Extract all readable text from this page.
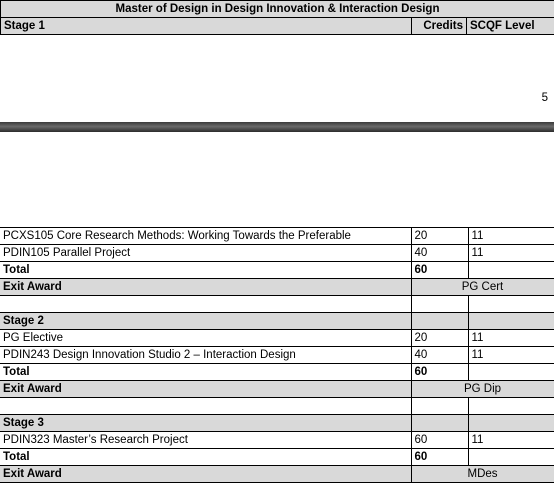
Master of Design in Design Innovation & Interaction Design
Stage 1	Credits	SCQF Level
5
PCXS105 Core Research Methods: Working Towards the Preferable	20	11
PDIN105 Parallel Project	40	11
Total	60	
Exit Award	PG Cert	

Stage 2		
PG Elective	20	11
PDIN243 Design Innovation Studio 2 – Interaction Design	40	11
Total	60	
Exit Award	PG Dip	

Stage 3		
PDIN323 Master’s Research Project	60	11
Total	60	
Exit Award	MDes	
